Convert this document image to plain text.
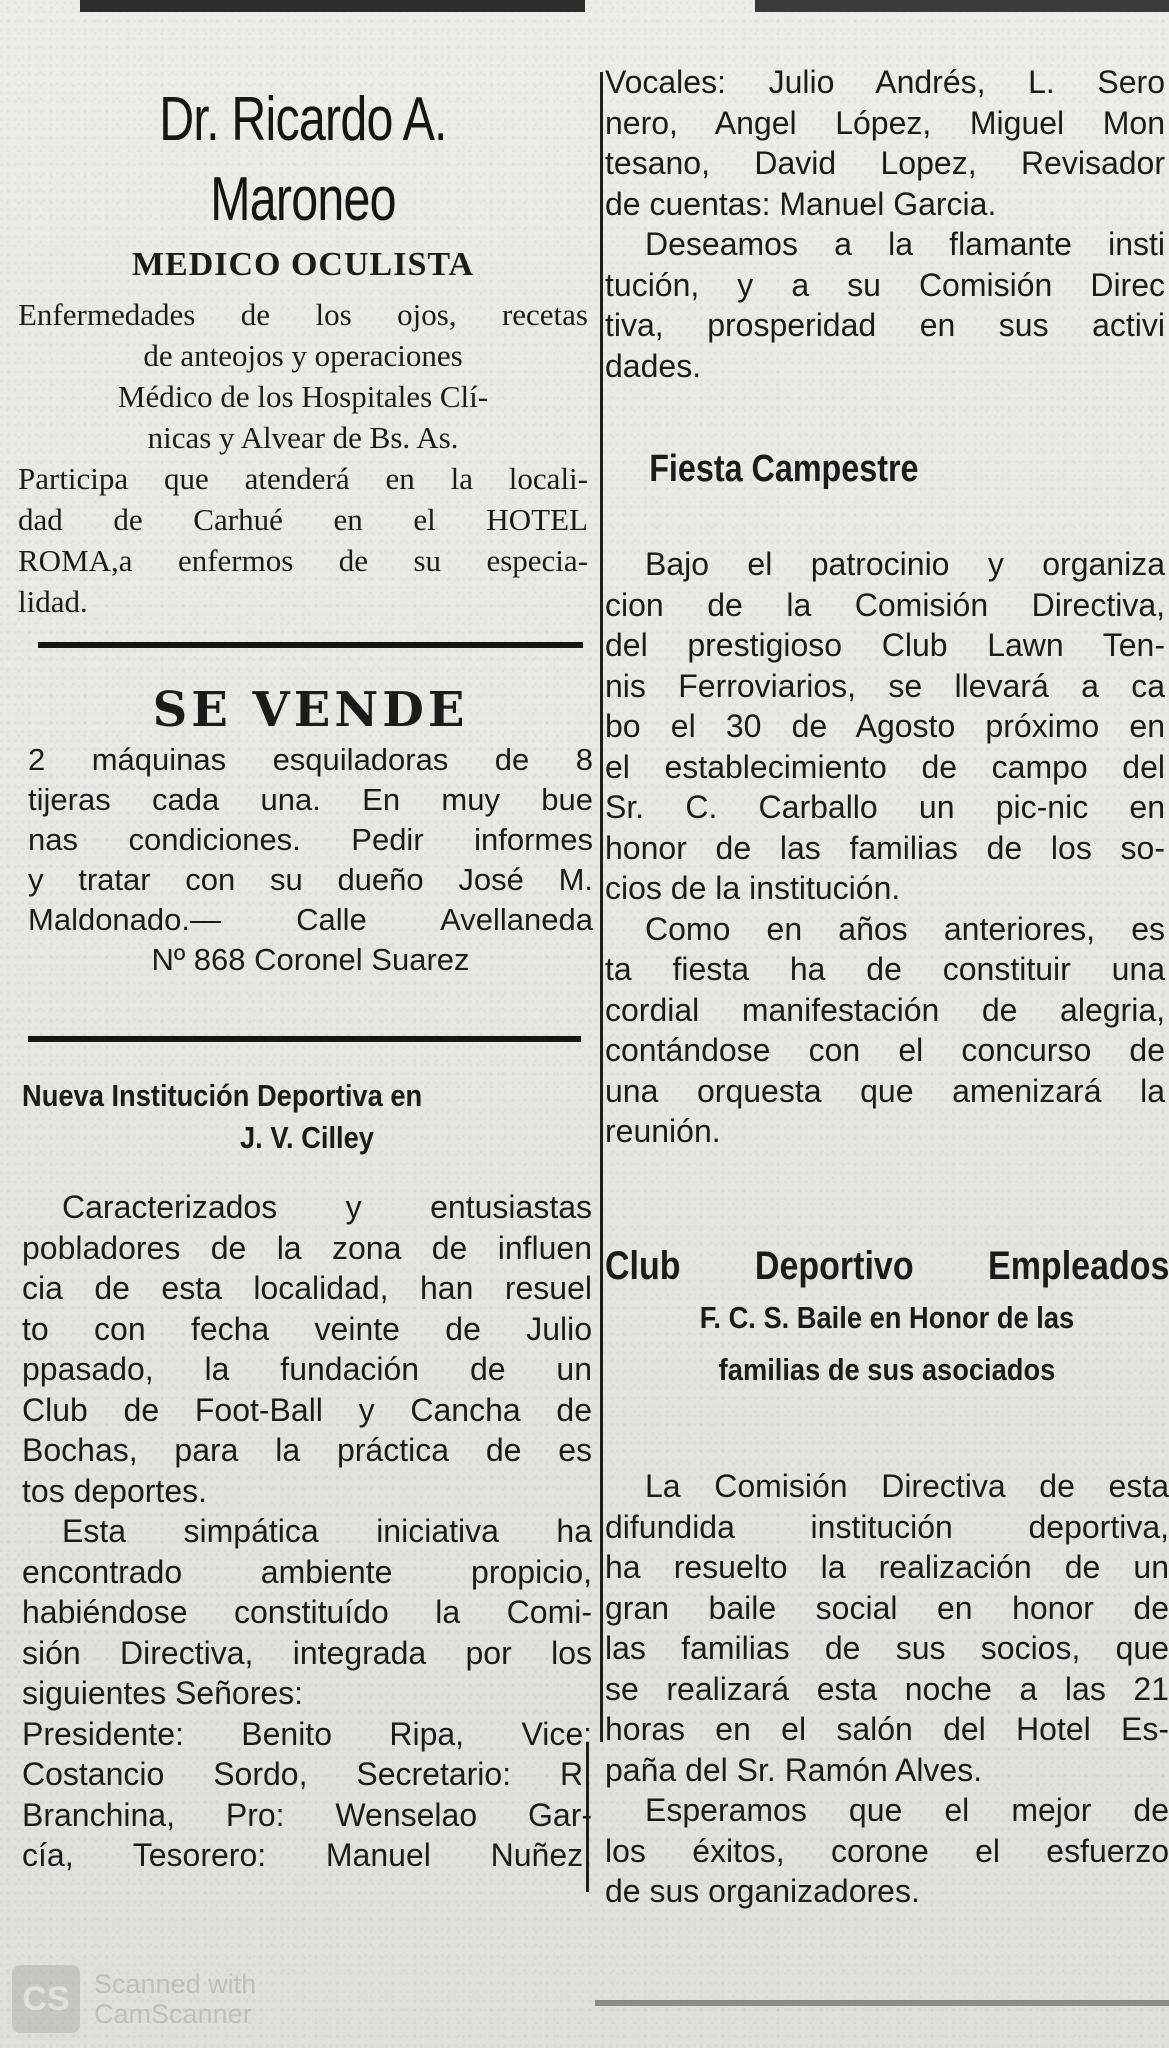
Dr. Ricardo A. Maroneo
MEDICO OCULISTA
Enfermedades de los ojos, recetas
de anteojos y operaciones
Médico de los Hospitales Clí-
nicas y Alvear de Bs. As.
Participa que atenderá en la locali-
dad de Carhué en el HOTEL
ROMA,a enfermos de su especia-
lidad.
SE VENDE
2 máquinas esquiladoras de 8
tijeras cada una. En muy bue
nas condiciones. Pedir informes
y tratar con su dueño José M.
Maldonado.— Calle Avellaneda
Nº 868 Coronel Suarez
Nueva Institución Deportiva en
J. V. Cilley
Caracterizados y entusiastas
pobladores de la zona de influen
cia de esta localidad, han resuel
to con fecha veinte de Julio
ppasado, la fundación de un
Club de Foot-Ball y Cancha de
Bochas, para la práctica de es
tos deportes.
Esta simpática iniciativa ha
encontrado ambiente propicio,
habiéndose constituído la Comi-
sión Directiva, integrada por los
siguientes Señores:
Presidente: Benito Ripa, Vice:
Costancio Sordo, Secretario: R.
Branchina, Pro: Wenselao Gar-
cía, Tesorero: Manuel Nuñez,
Vocales: Julio Andrés, L. Sero
nero, Angel López, Miguel Mon
tesano, David Lopez, Revisador
de cuentas: Manuel Garcia.
Deseamos a la flamante insti
tución, y a su Comisión Direc
tiva, prosperidad en sus activi
dades.
Fiesta Campestre
Bajo el patrocinio y organiza
cion de la Comisión Directiva,
del prestigioso Club Lawn Ten-
nis Ferroviarios, se llevará a ca
bo el 30 de Agosto próximo en
el establecimiento de campo del
Sr. C. Carballo un pic-nic en
honor de las familias de los so-
cios de la institución.
Como en años anteriores, es
ta fiesta ha de constituir una
cordial manifestación de alegria,
contándose con el concurso de
una orquesta que amenizará la
reunión.
Club Deportivo Empleados
F. C. S. Baile en Honor de las
familias de sus asociados
La Comisión Directiva de esta
difundida institución deportiva,
ha resuelto la realización de un
gran baile social en honor de
las familias de sus socios, que
se realizará esta noche a las 21
horas en el salón del Hotel Es-
paña del Sr. Ramón Alves.
Esperamos que el mejor de
los éxitos, corone el esfuerzo
de sus organizadores.
CS Scanned with
CamScanner
